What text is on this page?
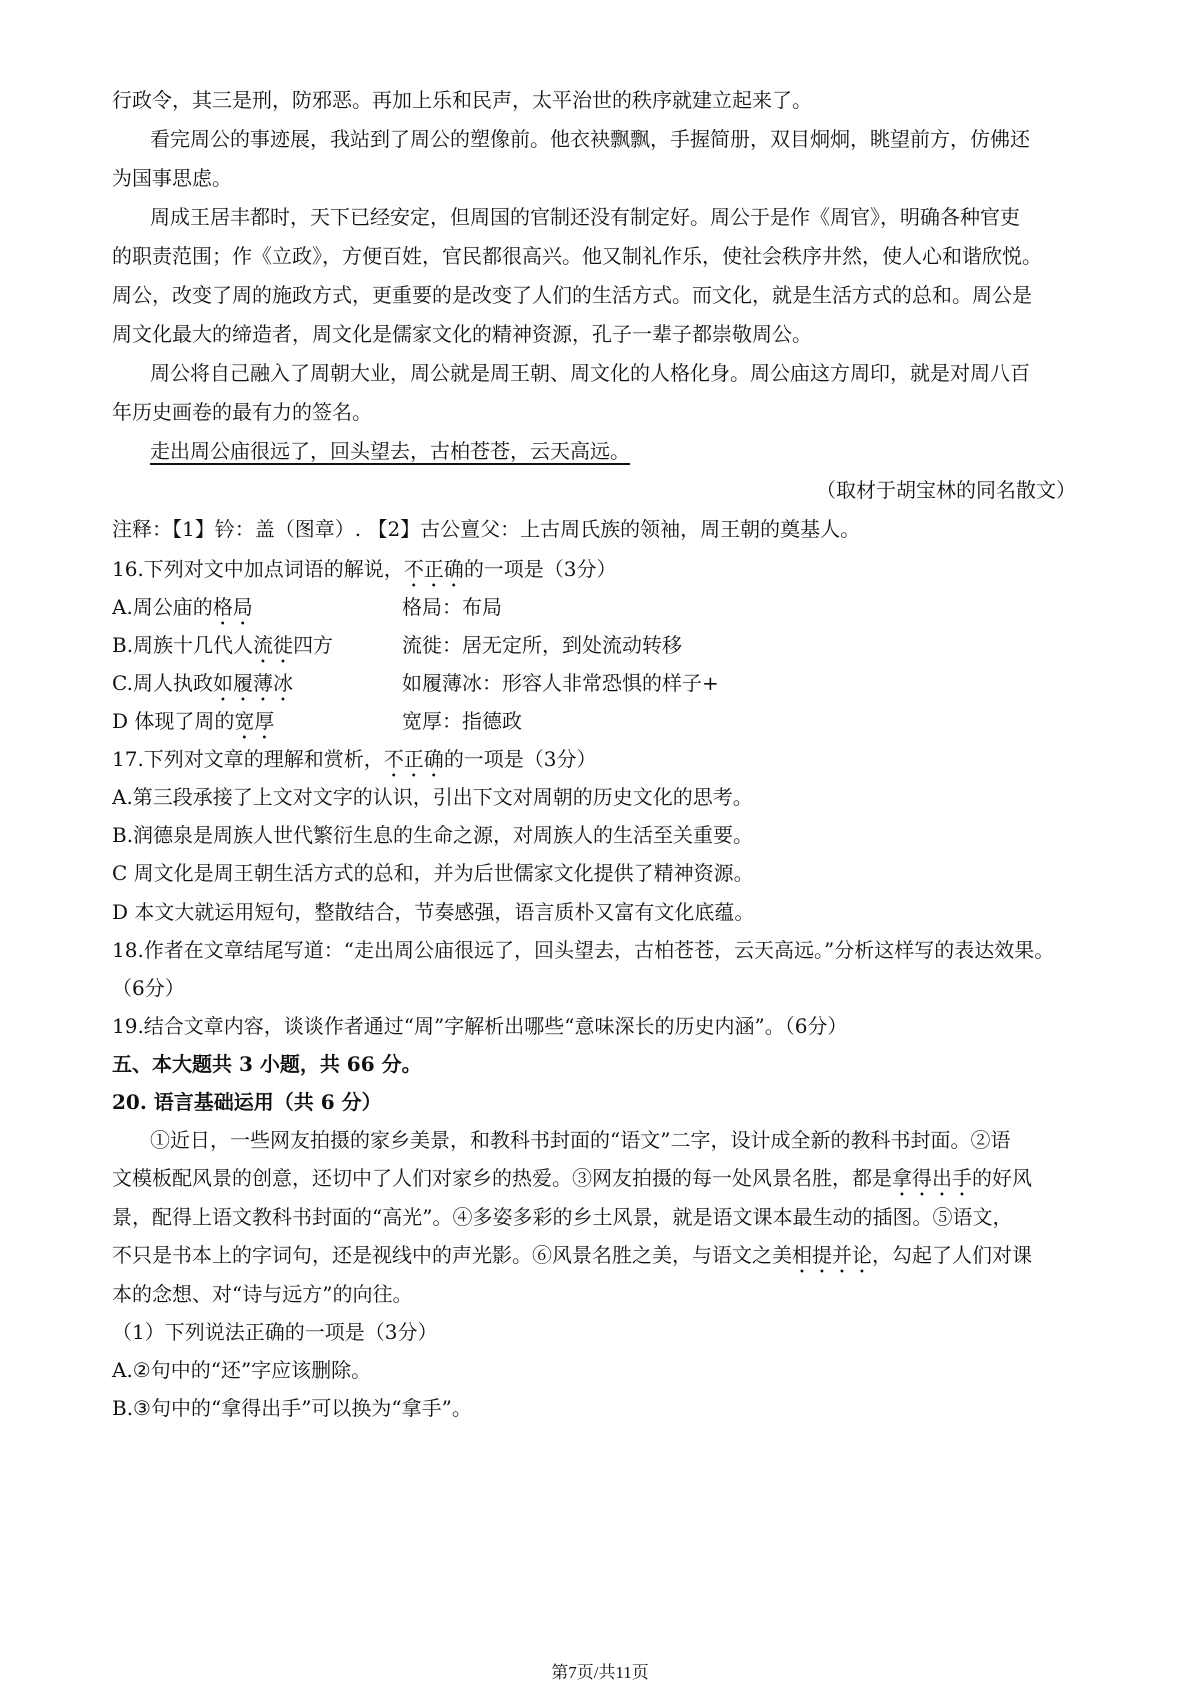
行政令，其三是刑，防邪恶。再加上乐和民声，太平治世的秩序就建立起来了。
看完周公的事迹展，我站到了周公的塑像前。他衣袂飘飘，手握简册，双目炯炯，眺望前方，仿佛还
为国事思虑。
周成王居丰都时，天下已经安定，但周国的官制还没有制定好。周公于是作《周官》，明确各种官吏
的职责范围；作《立政》，方便百姓，官民都很高兴。他又制礼作乐，使社会秩序井然，使人心和谐欣悦。
周公，改变了周的施政方式，更重要的是改变了人们的生活方式。而文化，就是生活方式的总和。周公是
周文化最大的缔造者，周文化是儒家文化的精神资源，孔子一辈子都崇敬周公。
周公将自己融入了周朝大业，周公就是周王朝、周文化的人格化身。周公庙这方周印，就是对周八百
年历史画卷的最有力的签名。
走出周公庙很远了，回头望去，古柏苍苍，云天高远。
（取材于胡宝林的同名散文）
注释：【1】钤：盖（图章）. 【2】古公亶父：上古周氏族的领袖，周王朝的奠基人。
16.下列对文中加点词语的解说，不正确的一项是（3分）
A.周公庙的格局	格局：布局
B.周族十几代人流徙四方	流徙：居无定所，到处流动转移
C.周人执政如履薄冰	如履薄冰：形容人非常恐惧的样子+
D 体现了周的宽厚	宽厚：指德政
17.下列对文章的理解和赏析，不正确的一项是（3分）
A.第三段承接了上文对文字的认识，引出下文对周朝的历史文化的思考。
B.润德泉是周族人世代繁衍生息的生命之源，对周族人的生活至关重要。
C 周文化是周王朝生活方式的总和，并为后世儒家文化提供了精神资源。
D 本文大就运用短句，整散结合，节奏感强，语言质朴又富有文化底蕴。
18.作者在文章结尾写道：“走出周公庙很远了，回头望去，古柏苍苍，云天高远。”分析这样写的表达效果。
（6分）
19.结合文章内容，谈谈作者通过“周”字解析出哪些“意味深长的历史内涵”。（6分）
五、本大题共 3 小题，共 66 分。
20. 语言基础运用（共 6 分）
①近日，一些网友拍摄的家乡美景，和教科书封面的“语文”二字，设计成全新的教科书封面。②语
文模板配风景的创意，还切中了人们对家乡的热爱。③网友拍摄的每一处风景名胜，都是拿得出手的好风
景，配得上语文教科书封面的“高光”。④多姿多彩的乡土风景，就是语文课本最生动的插图。⑤语文，
不只是书本上的字词句，还是视线中的声光影。⑥风景名胜之美，与语文之美相提并论，勾起了人们对课
本的念想、对“诗与远方”的向往。
（1）下列说法正确的一项是（3分）
A.②句中的“还”字应该删除。
B.③句中的“拿得出手”可以换为“拿手”。
第7页/共11页
